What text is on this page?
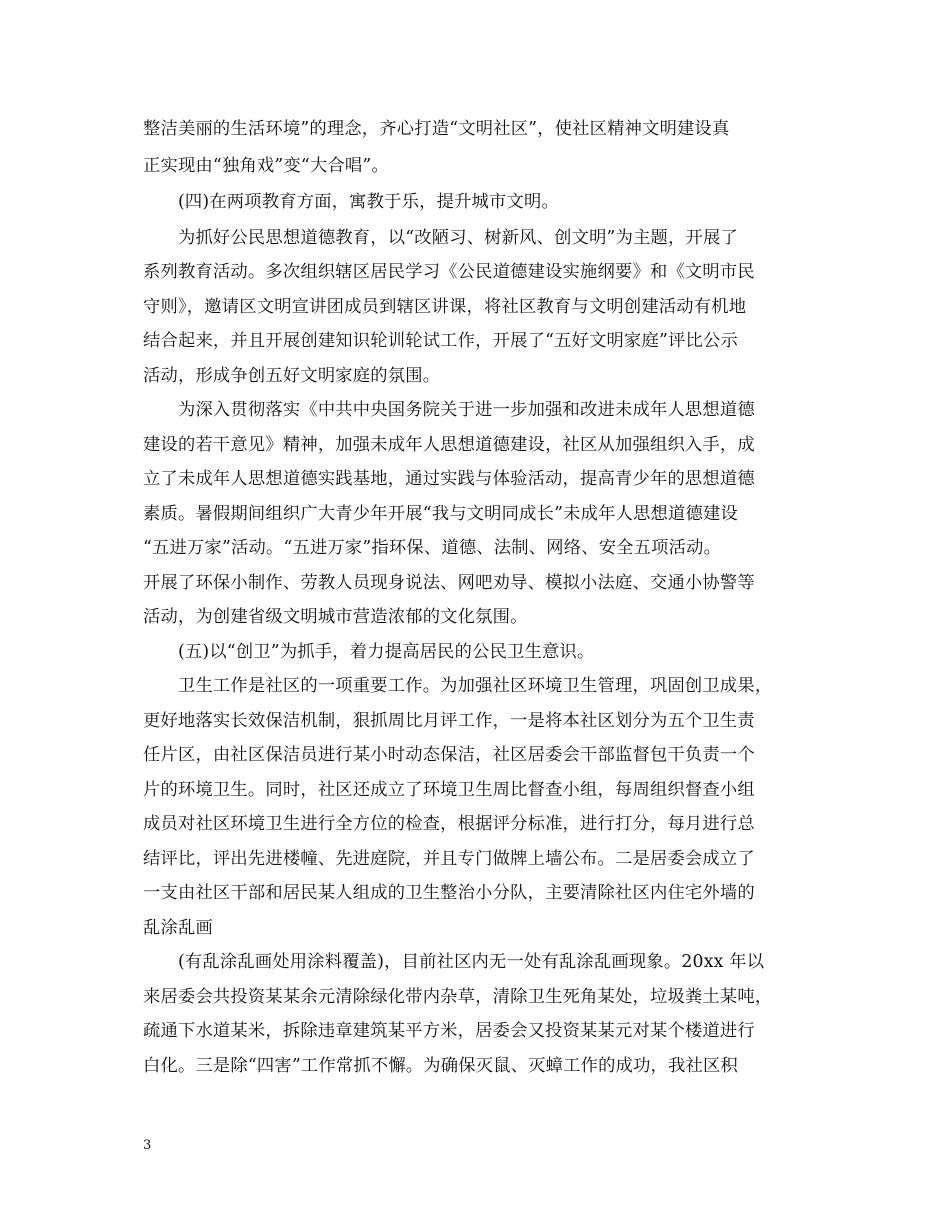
整洁美丽的生活环境”的理念，齐心打造“文明社区”，使社区精神文明建设真
正实现由“独角戏”变“大合唱”。
　　(四)在两项教育方面，寓教于乐，提升城市文明。
　　为抓好公民思想道德教育，以“改陋习、树新风、创文明”为主题，开展了
系列教育活动。多次组织辖区居民学习《公民道德建设实施纲要》和《文明市民
守则》，邀请区文明宣讲团成员到辖区讲课，将社区教育与文明创建活动有机地
结合起来，并且开展创建知识轮训轮试工作，开展了“五好文明家庭”评比公示
活动，形成争创五好文明家庭的氛围。
　　为深入贯彻落实《中共中央国务院关于进一步加强和改进未成年人思想道德
建设的若干意见》精神，加强未成年人思想道德建设，社区从加强组织入手，成
立了未成年人思想道德实践基地，通过实践与体验活动，提高青少年的思想道德
素质。暑假期间组织广大青少年开展“我与文明同成长”未成年人思想道德建设
“五进万家”活动。“五进万家”指环保、道德、法制、网络、安全五项活动。
开展了环保小制作、劳教人员现身说法、网吧劝导、模拟小法庭、交通小协警等
活动，为创建省级文明城市营造浓郁的文化氛围。
　　(五)以“创卫”为抓手，着力提高居民的公民卫生意识。
　　卫生工作是社区的一项重要工作。为加强社区环境卫生管理，巩固创卫成果，
更好地落实长效保洁机制，狠抓周比月评工作，一是将本社区划分为五个卫生责
任片区，由社区保洁员进行某小时动态保洁，社区居委会干部监督包干负责一个
片的环境卫生。同时，社区还成立了环境卫生周比督查小组，每周组织督查小组
成员对社区环境卫生进行全方位的检查，根据评分标准，进行打分，每月进行总
结评比，评出先进楼幢、先进庭院，并且专门做牌上墙公布。二是居委会成立了
一支由社区干部和居民某人组成的卫生整治小分队，主要清除社区内住宅外墙的
乱涂乱画
　　(有乱涂乱画处用涂料覆盖)，目前社区内无一处有乱涂乱画现象。20xx 年以
来居委会共投资某某余元清除绿化带内杂草，清除卫生死角某处，垃圾粪土某吨，
疏通下水道某米，拆除违章建筑某平方米，居委会又投资某某元对某个楼道进行
白化。三是除“四害”工作常抓不懈。为确保灭鼠、灭蟑工作的成功，我社区积
3
